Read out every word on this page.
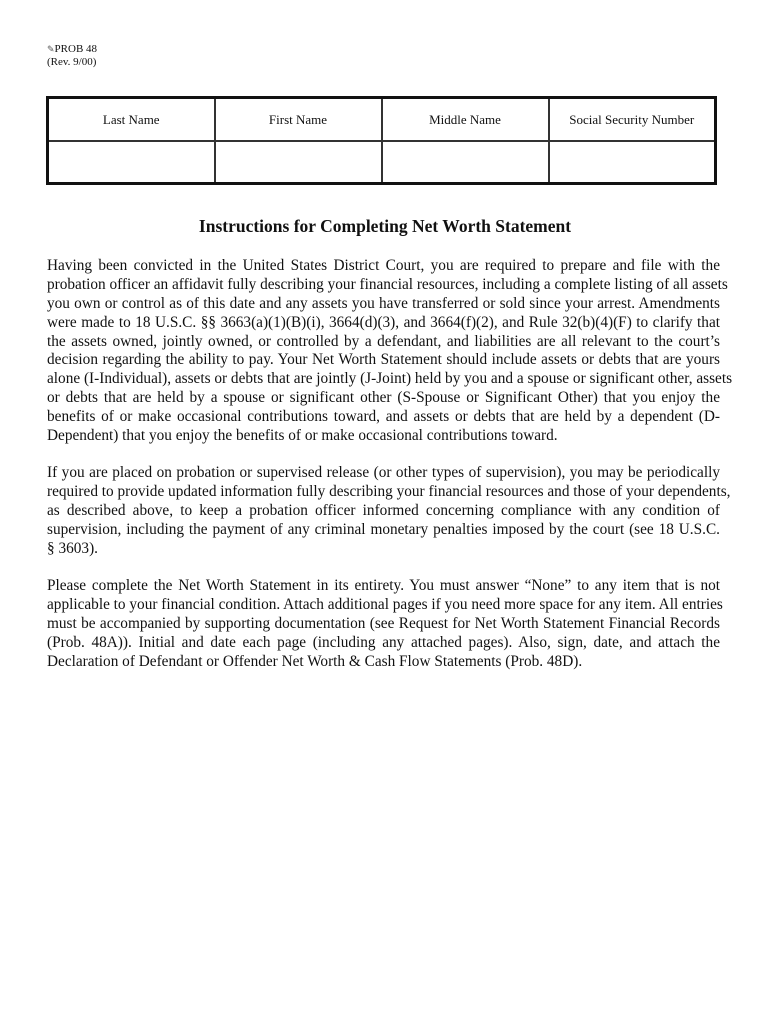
✎PROB 48
(Rev. 9/00)
Last Name	First Name	Middle Name	Social Security Number

Instructions for Completing Net Worth Statement
Having been convicted in the United States District Court, you are required to prepare and file with the
probation officer an affidavit fully describing your financial resources, including a complete listing of all assets
you own or control as of this date and any assets you have transferred or sold since your arrest. Amendments
were made to 18 U.S.C. §§ 3663(a)(1)(B)(i), 3664(d)(3), and 3664(f)(2), and Rule 32(b)(4)(F) to clarify that
the assets owned, jointly owned, or controlled by a defendant, and liabilities are all relevant to the court’s
decision regarding the ability to pay. Your Net Worth Statement should include assets or debts that are yours
alone (I-Individual), assets or debts that are jointly (J-Joint) held by you and a spouse or significant other, assets
or debts that are held by a spouse or significant other (S-Spouse or Significant Other) that you enjoy the
benefits of or make occasional contributions toward, and assets or debts that are held by a dependent (D-
Dependent) that you enjoy the benefits of or make occasional contributions toward.
If you are placed on probation or supervised release (or other types of supervision), you may be periodically
required to provide updated information fully describing your financial resources and those of your dependents,
as described above, to keep a probation officer informed concerning compliance with any condition of
supervision, including the payment of any criminal monetary penalties imposed by the court (see 18 U.S.C.
§ 3603).
Please complete the Net Worth Statement in its entirety. You must answer “None” to any item that is not
applicable to your financial condition. Attach additional pages if you need more space for any item. All entries
must be accompanied by supporting documentation (see Request for Net Worth Statement Financial Records
(Prob. 48A)). Initial and date each page (including any attached pages). Also, sign, date, and attach the
Declaration of Defendant or Offender Net Worth & Cash Flow Statements (Prob. 48D).
